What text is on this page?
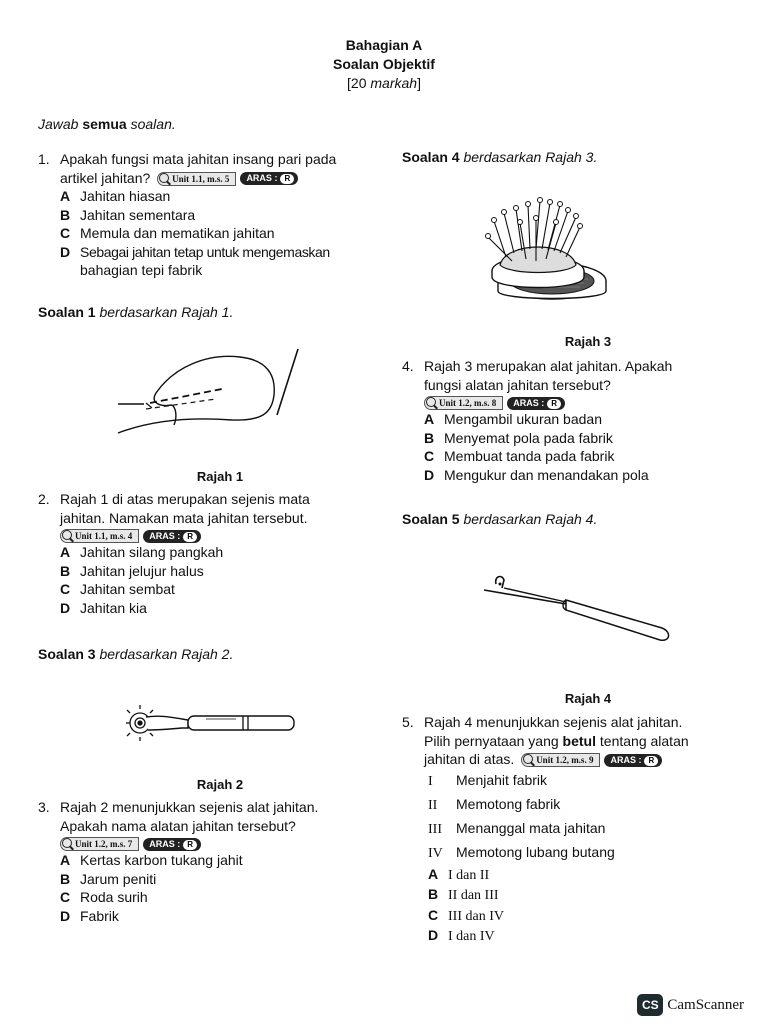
Bahagian A
Soalan Objektif
[20 markah]
Jawab semua soalan.
1. Apakah fungsi mata jahitan insang pari pada
artikel jahitan?	Unit 1.1, m.s. 5	ARAS : R
A Jahitan hiasan
B Jahitan sementara
C Memula dan mematikan jahitan
D Sebagai jahitan tetap untuk mengemaskan
bahagian tepi fabrik
Soalan 1 berdasarkan Rajah 1.
Rajah 1
2. Rajah 1 di atas merupakan sejenis mata
jahitan. Namakan mata jahitan tersebut.
Unit 1.1, m.s. 4	ARAS : R
A Jahitan silang pangkah
B Jahitan jelujur halus
C Jahitan sembat
D Jahitan kia
Soalan 3 berdasarkan Rajah 2.
Rajah 2
3. Rajah 2 menunjukkan sejenis alat jahitan.
Apakah nama alatan jahitan tersebut?
Unit 1.2, m.s. 7	ARAS : R
A Kertas karbon tukang jahit
B Jarum peniti
C Roda surih
D Fabrik
Soalan 4 berdasarkan Rajah 3.
Rajah 3
4. Rajah 3 merupakan alat jahitan. Apakah
fungsi alatan jahitan tersebut?
Unit 1.2, m.s. 8	ARAS : R
A Mengambil ukuran badan
B Menyemat pola pada fabrik
C Membuat tanda pada fabrik
D Mengukur dan menandakan pola
Soalan 5 berdasarkan Rajah 4.
Rajah 4
5. Rajah 4 menunjukkan sejenis alat jahitan.
Pilih pernyataan yang betul tentang alatan
jahitan di atas.	Unit 1.2, m.s. 9	ARAS : R
I Menjahit fabrik
II Memotong fabrik
III Menanggal mata jahitan
IV Memotong lubang butang
A I dan II
B II dan III
C III dan IV
D I dan IV
CS CamScanner
